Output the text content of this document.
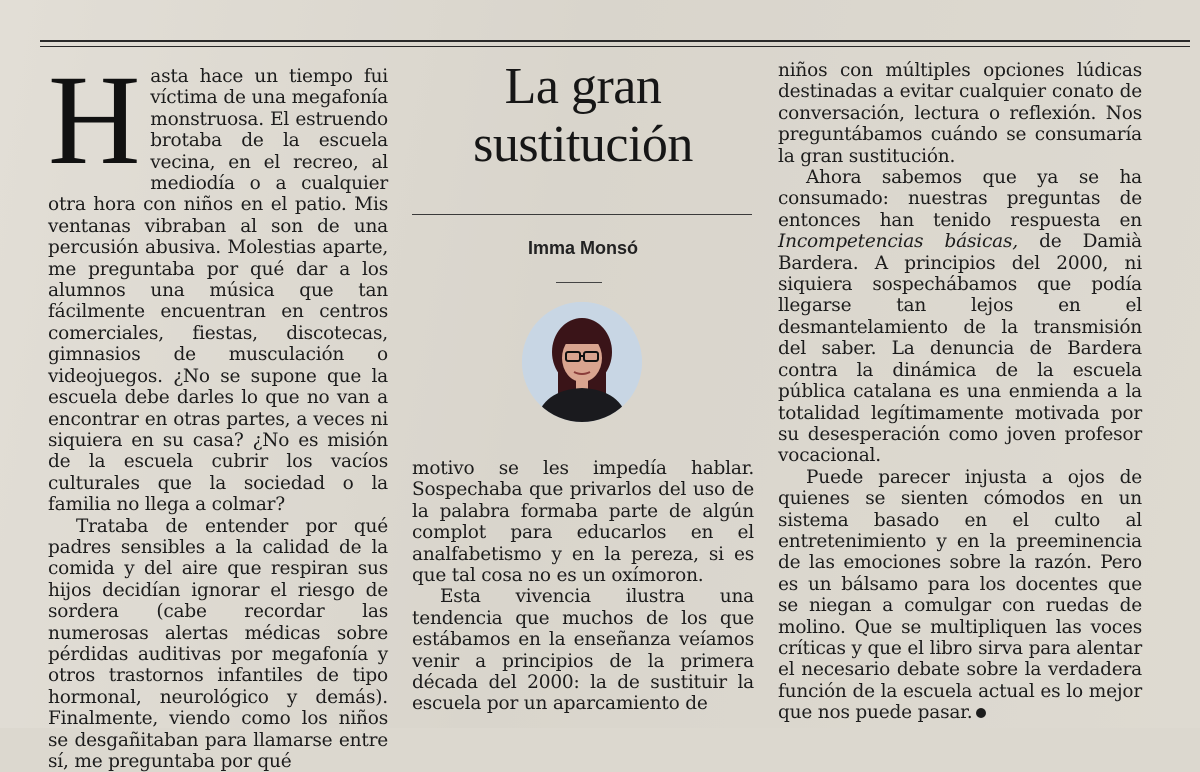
Hasta hace un tiempo fui víctima de una megafonía monstruosa. El estruendo brotaba de la escuela vecina, en el recreo, al mediodía o a cualquier otra hora con niños en el patio. Mis ventanas vibraban al son de una percusión abusiva. Molestias aparte, me preguntaba por qué dar a los alumnos una música que tan fácilmente encuentran en centros comerciales, fiestas, discotecas, gimnasios de musculación o videojuegos. ¿No se supone que la escuela debe darles lo que no van a encontrar en otras partes, a veces ni siquiera en su casa? ¿No es misión de la escuela cubrir los vacíos culturales que la sociedad o la familia no llega a colmar?

Trataba de entender por qué padres sensibles a la calidad de la comida y del aire que respiran sus hijos decidían ignorar el riesgo de sordera (cabe recordar las numerosas alertas médicas sobre pérdidas auditivas por megafonía y otros trastornos infantiles de tipo hormonal, neurológico y demás). Finalmente, viendo como los niños se desgañitaban para llamarse entre sí, me preguntaba por qué

La gran
sustitución
Imma Monsó

motivo se les impedía hablar. Sospechaba que privarlos del uso de la palabra formaba parte de algún complot para educarlos en el analfabetismo y en la pereza, si es que tal cosa no es un oxímoron.

Esta vivencia ilustra una tendencia que muchos de los que estábamos en la enseñanza veíamos venir a principios de la primera década del 2000: la de sustituir la escuela por un aparcamiento de

niños con múltiples opciones lúdicas destinadas a evitar cualquier conato de conversación, lectura o reflexión. Nos preguntábamos cuándo se consumaría la gran sustitución.

Ahora sabemos que ya se ha consumado: nuestras preguntas de entonces han tenido respuesta en Incompetencias básicas, de Damià Bardera. A principios del 2000, ni siquiera sospechábamos que podía llegarse tan lejos en el desmantelamiento de la transmisión del saber. La denuncia de Bardera contra la dinámica de la escuela pública catalana es una enmienda a la totalidad legítimamente motivada por su desesperación como joven profesor vocacional.

Puede parecer injusta a ojos de quienes se sienten cómodos en un sistema basado en el culto al entretenimiento y en la preeminencia de las emociones sobre la razón. Pero es un bálsamo para los docentes que se niegan a comulgar con ruedas de molino. Que se multipliquen las voces críticas y que el libro sirva para alentar el necesario debate sobre la verdadera función de la escuela actual es lo mejor que nos puede pasar.
